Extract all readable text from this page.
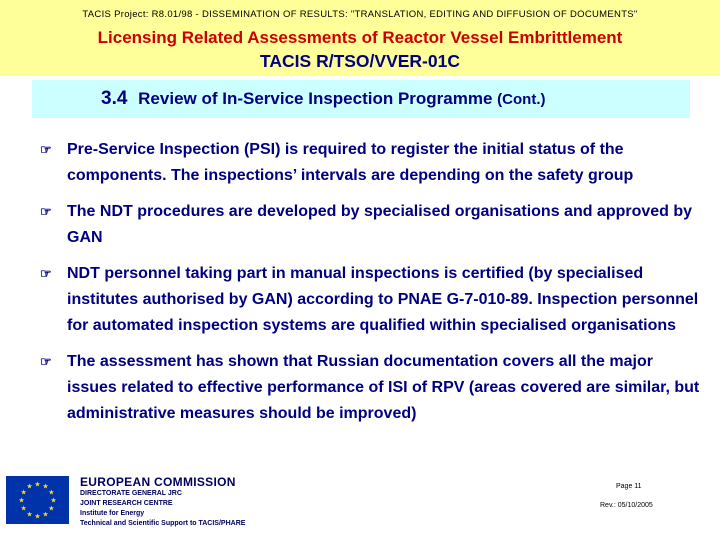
TACIS Project: R8.01/98 - DISSEMINATION OF RESULTS: "TRANSLATION, EDITING AND DIFFUSION OF DOCUMENTS"
Licensing Related Assessments of Reactor Vessel Embrittlement
TACIS R/TSO/VVER-01C
3.4 Review of In-Service Inspection Programme (Cont.)
☞ Pre-Service Inspection (PSI) is required to register the initial status of the components. The inspections’ intervals are depending on the safety group
☞ The NDT procedures are developed by specialised organisations and approved by GAN
☞ NDT personnel taking part in manual inspections is certified (by specialised institutes authorised by GAN) according to PNAE G-7-010-89. Inspection personnel for automated inspection systems are qualified within specialised organisations
☞ The assessment has shown that Russian documentation covers all the major issues related to effective performance of ISI of RPV (areas covered are similar, but administrative measures should be improved)
★ ★
★
★
★
★
★
★
★
★
★
★	EUROPEAN COMMISSION
DIRECTORATE GENERAL JRC
JOINT RESEARCH CENTRE
Institute for Energy
Technical and Scientific Support to TACIS/PHARE
Page 11
Rev.: 05/10/2005
